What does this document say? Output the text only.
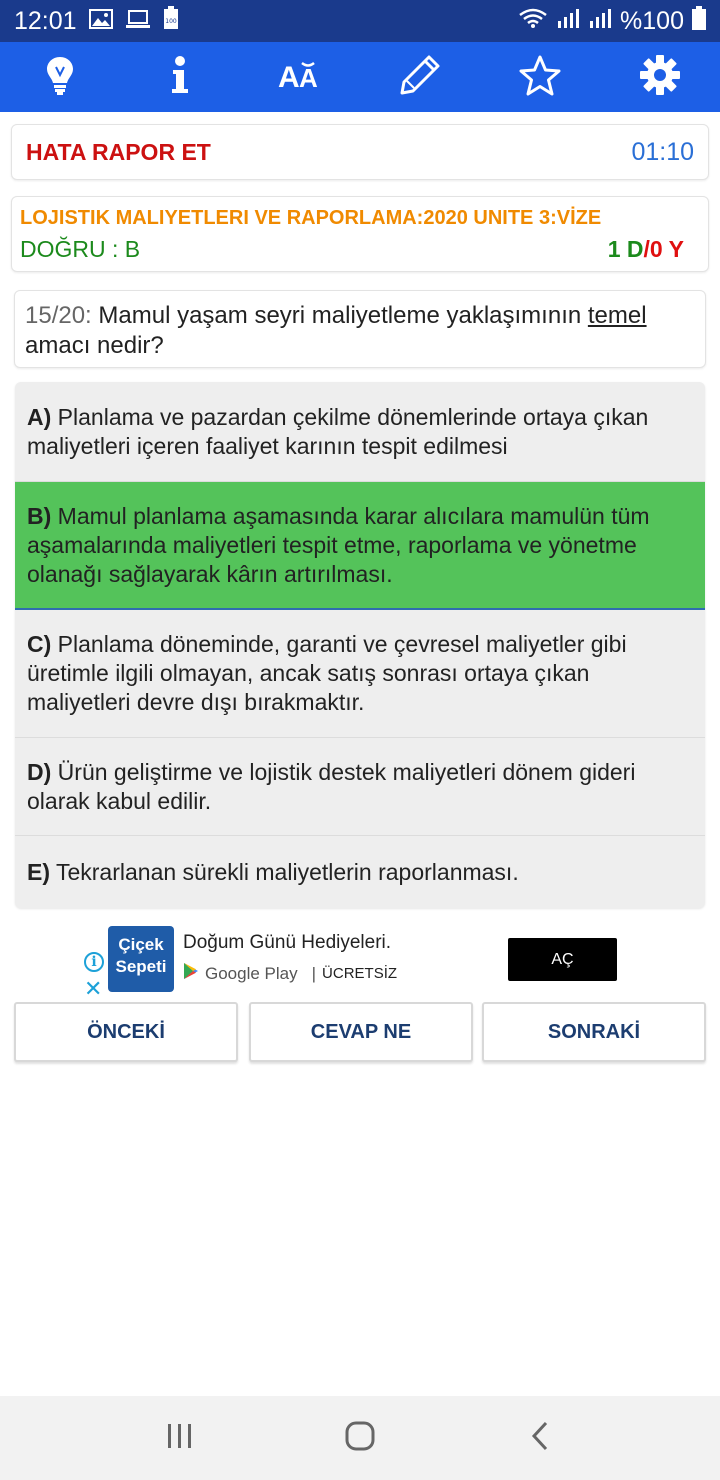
12:01	100	%100
A A
HATA RAPOR ET	01:10
LOJISTIK MALIYETLERI VE RAPORLAMA:2020 UNITE 3:VİZE
DOĞRU : B	1 D/0 Y
15/20: Mamul yaşam seyri maliyetleme yaklaşımının temel amacı nedir?
A) Planlama ve pazardan çekilme dönemlerinde ortaya çıkan maliyetleri içeren faaliyet karının tespit edilmesi
B) Mamul planlama aşamasında karar alıcılara mamulün tüm aşamalarında maliyetleri tespit etme, raporlama ve yönetme olanağı sağlayarak kârın artırılması.
C) Planlama döneminde, garanti ve çevresel maliyetler gibi üretimle ilgili olmayan, ancak satış sonrası ortaya çıkan maliyetleri devre dışı bırakmaktır.
D) Ürün geliştirme ve lojistik destek maliyetleri dönem gideri olarak kabul edilir.
E) Tekrarlanan sürekli maliyetlerin raporlanması.
i
✕
Çiçek
Sepeti
Doğum Günü Hediyeleri.
Google Play | ÜCRETSİZ
AÇ
ÖNCEKİ	CEVAP NE	SONRAKİ
